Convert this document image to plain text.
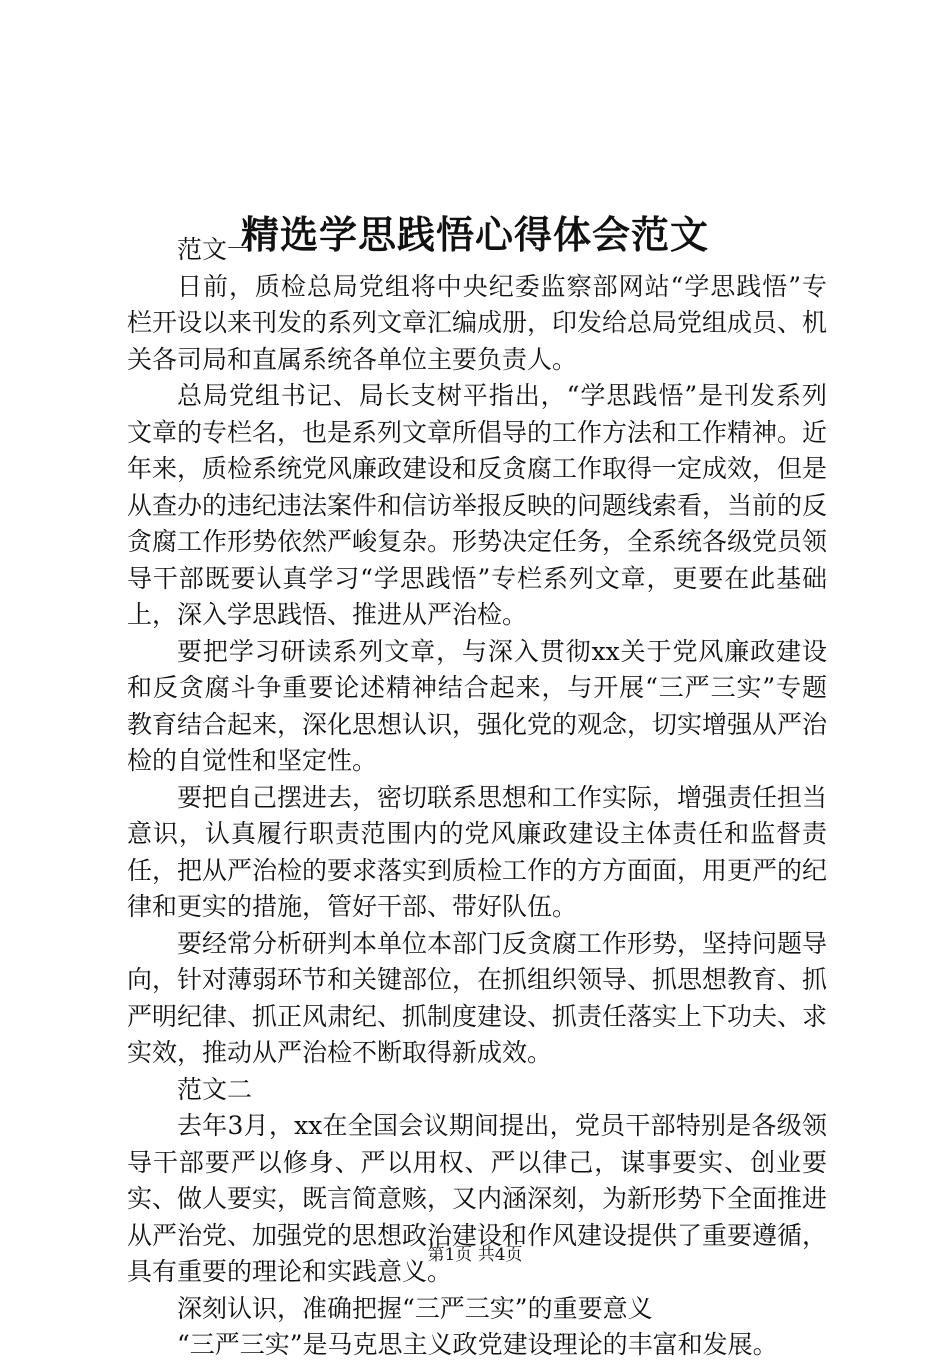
精选学思践悟心得体会范文

范文一

日前，质检总局党组将中央纪委监察部网站“学思践悟”专栏开设以来刊发的系列文章汇编成册，印发给总局党组成员、机关各司局和直属系统各单位主要负责人。

总局党组书记、局长支树平指出，“学思践悟”是刊发系列文章的专栏名，也是系列文章所倡导的工作方法和工作精神。近年来，质检系统党风廉政建设和反贪腐工作取得一定成效，但是从查办的违纪违法案件和信访举报反映的问题线索看，当前的反贪腐工作形势依然严峻复杂。形势决定任务，全系统各级党员领导干部既要认真学习“学思践悟”专栏系列文章，更要在此基础上，深入学思践悟、推进从严治检。

要把学习研读系列文章，与深入贯彻xx关于党风廉政建设和反贪腐斗争重要论述精神结合起来，与开展“三严三实”专题教育结合起来，深化思想认识，强化党的观念，切实增强从严治检的自觉性和坚定性。

要把自己摆进去，密切联系思想和工作实际，增强责任担当意识，认真履行职责范围内的党风廉政建设主体责任和监督责任，把从严治检的要求落实到质检工作的方方面面，用更严的纪律和更实的措施，管好干部、带好队伍。

要经常分析研判本单位本部门反贪腐工作形势，坚持问题导向，针对薄弱环节和关键部位，在抓组织领导、抓思想教育、抓严明纪律、抓正风肃纪、抓制度建设、抓责任落实上下功夫、求实效，推动从严治检不断取得新成效。

范文二

去年3月，xx在全国会议期间提出，党员干部特别是各级领导干部要严以修身、严以用权、严以律己，谋事要实、创业要实、做人要实，既言简意赅，又内涵深刻，为新形势下全面推进从严治党、加强党的思想政治建设和作风建设提供了重要遵循，具有重要的理论和实践意义。

深刻认识，准确把握“三严三实”的重要意义

“三严三实”是马克思主义政党建设理论的丰富和发展。

第1页 共4页
